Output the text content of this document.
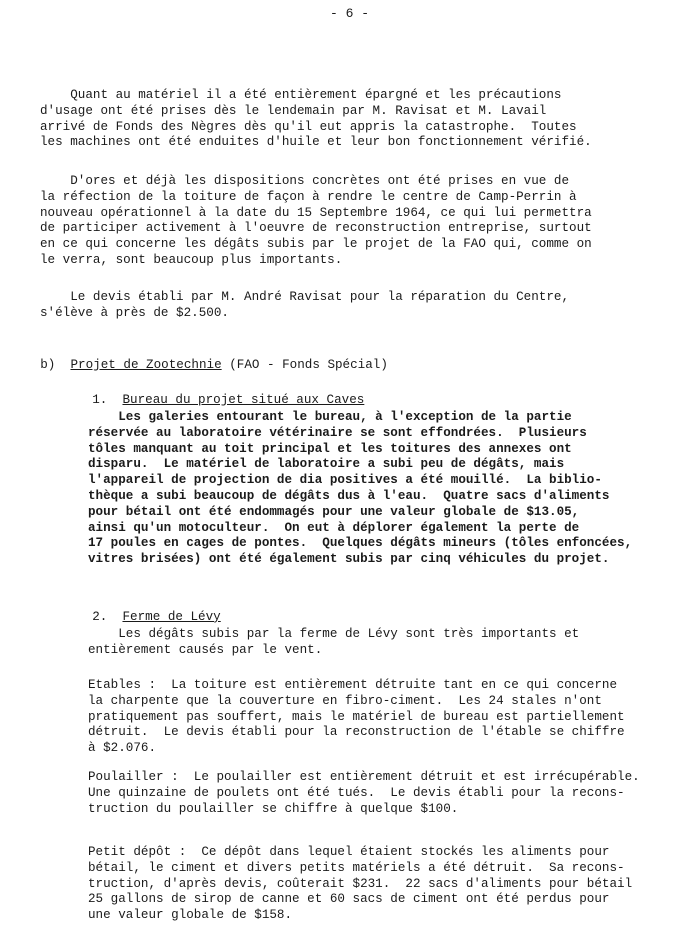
- 6 -
Quant au matériel il a été entièrement épargné et les précautions
d'usage ont été prises dès le lendemain par M. Ravisat et M. Lavail
arrivé de Fonds des Nègres dès qu'il eut appris la catastrophe.  Toutes
les machines ont été enduites d'huile et leur bon fonctionnement vérifié.
D'ores et déjà les dispositions concrètes ont été prises en vue de
la réfection de la toiture de façon à rendre le centre de Camp-Perrin à
nouveau opérationnel à la date du 15 Septembre 1964, ce qui lui permettra
de participer activement à l'oeuvre de reconstruction entreprise, surtout
en ce qui concerne les dégâts subis par le projet de la FAO qui, comme on
le verra, sont beaucoup plus importants.
Le devis établi par M. André Ravisat pour la réparation du Centre,
s'élève à près de $2.500.

b) Projet de Zootechnie (FAO - Fonds Spécial)

1. Bureau du projet situé aux Caves

Les galeries entourant le bureau, à l'exception de la partie
réservée au laboratoire vétérinaire se sont effondrées.  Plusieurs
tôles manquant au toit principal et les toitures des annexes ont
disparu.  Le matériel de laboratoire a subi peu de dégâts, mais
l'appareil de projection de dia positives a été mouillé.  La biblio-
thèque a subi beaucoup de dégâts dus à l'eau.  Quatre sacs d'aliments
pour bétail ont été endommagés pour une valeur globale de $13.05,
ainsi qu'un motoculteur.  On eut à déplorer également la perte de
17 poules en cages de pontes.  Quelques dégâts mineurs (tôles enfoncées,
vitres brisées) ont été également subis par cinq véhicules du projet.

2. Ferme de Lévy

Les dégâts subis par la ferme de Lévy sont très importants et
entièrement causés par le vent.
Etables :  La toiture est entièrement détruite tant en ce qui concerne
la charpente que la couverture en fibro-ciment.  Les 24 stales n'ont
pratiquement pas souffert, mais le matériel de bureau est partiellement
détruit.  Le devis établi pour la reconstruction de l'étable se chiffre
à $2.076.
Poulailler :  Le poulailler est entièrement détruit et est irrécupérable.
Une quinzaine de poulets ont été tués.  Le devis établi pour la recons-
truction du poulailler se chiffre à quelque $100.
Petit dépôt :  Ce dépôt dans lequel étaient stockés les aliments pour
bétail, le ciment et divers petits matériels a été détruit.  Sa recons-
truction, d'après devis, coûterait $231.  22 sacs d'aliments pour bétail
25 gallons de sirop de canne et 60 sacs de ciment ont été perdus pour
une valeur globale de $158.
